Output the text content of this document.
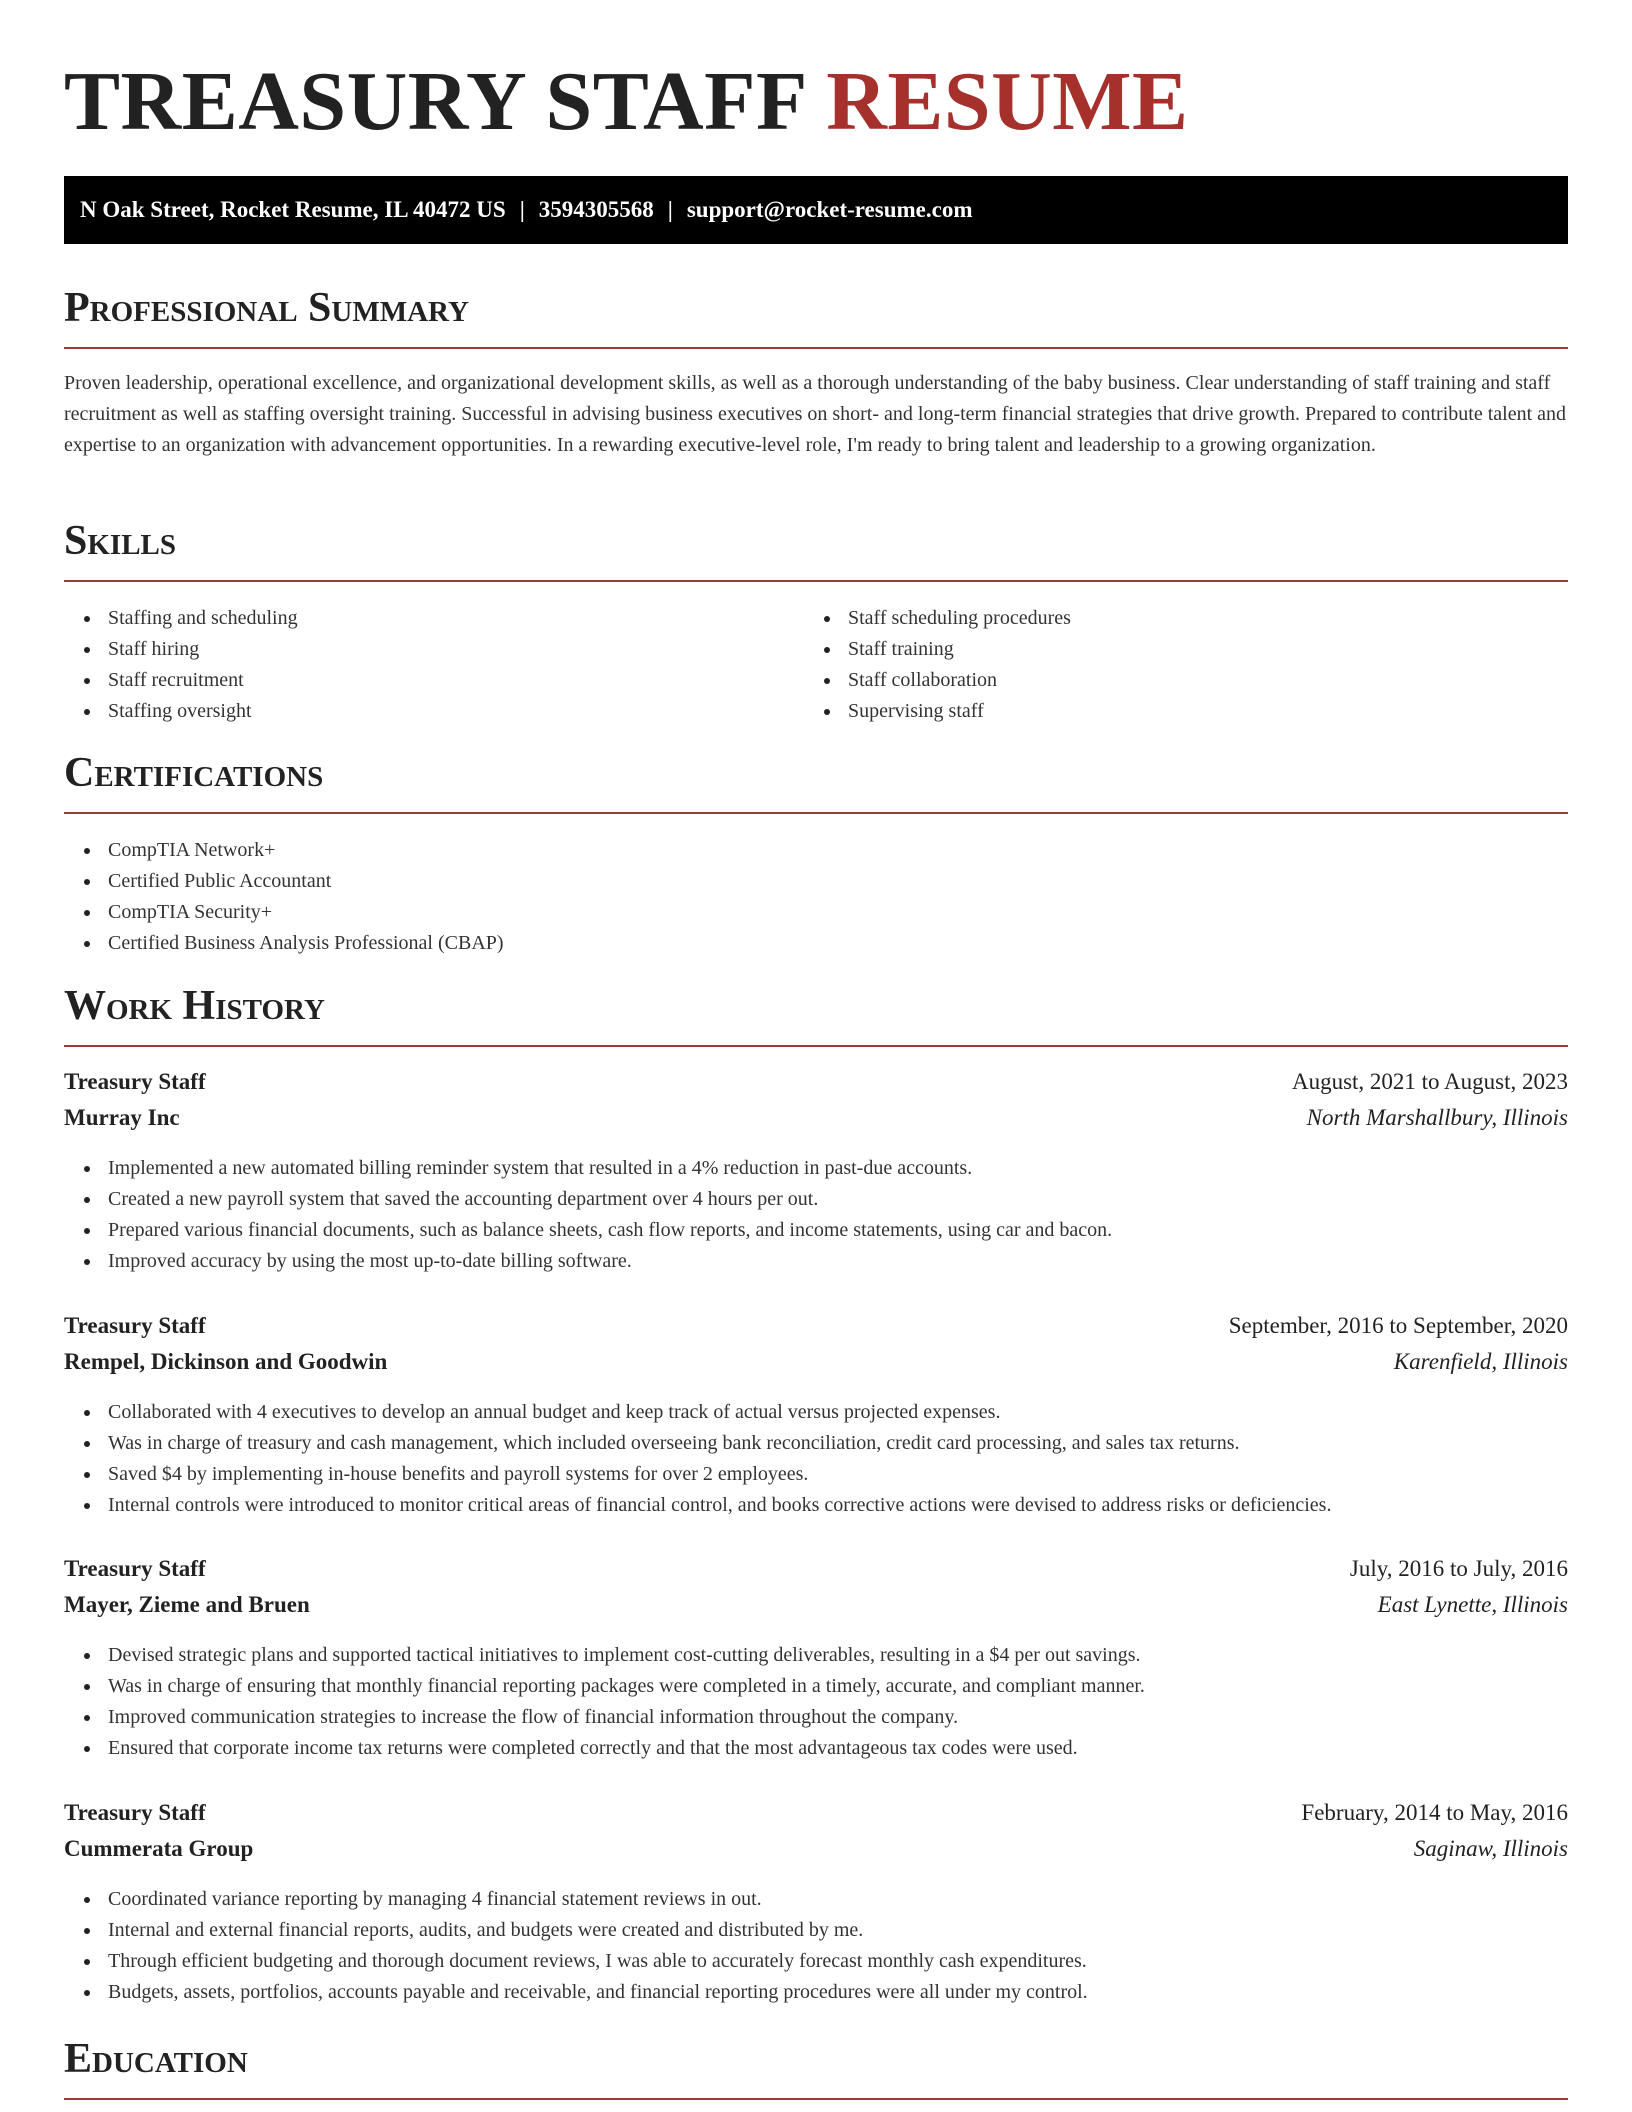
TREASURY STAFF RESUME
N Oak Street, Rocket Resume, IL 40472 US | 3594305568 | support@rocket-resume.com
Professional Summary

Proven leadership, operational excellence, and organizational development skills, as well as a thorough understanding of the baby business. Clear understanding of staff training and staff recruitment as well as staffing oversight training. Successful in advising business executives on short- and long-term financial strategies that drive growth. Prepared to contribute talent and expertise to an organization with advancement opportunities. In a rewarding executive-level role, I'm ready to bring talent and leadership to a growing organization.

Skills
Staffing and scheduling
Staff hiring
Staff recruitment
Staffing oversight
Staff scheduling procedures
Staff training
Staff collaboration
Supervising staff
Certifications
CompTIA Network+
Certified Public Accountant
CompTIA Security+
Certified Business Analysis Professional (CBAP)
Work History
Treasury Staff	August, 2021 to August, 2023
Murray Inc	North Marshallbury, Illinois
Implemented a new automated billing reminder system that resulted in a 4% reduction in past-due accounts.
Created a new payroll system that saved the accounting department over 4 hours per out.
Prepared various financial documents, such as balance sheets, cash flow reports, and income statements, using car and bacon.
Improved accuracy by using the most up-to-date billing software.
Treasury Staff	September, 2016 to September, 2020
Rempel, Dickinson and Goodwin	Karenfield, Illinois
Collaborated with 4 executives to develop an annual budget and keep track of actual versus projected expenses.
Was in charge of treasury and cash management, which included overseeing bank reconciliation, credit card processing, and sales tax returns.
Saved $4 by implementing in-house benefits and payroll systems for over 2 employees.
Internal controls were introduced to monitor critical areas of financial control, and books corrective actions were devised to address risks or deficiencies.
Treasury Staff	July, 2016 to July, 2016
Mayer, Zieme and Bruen	East Lynette, Illinois
Devised strategic plans and supported tactical initiatives to implement cost-cutting deliverables, resulting in a $4 per out savings.
Was in charge of ensuring that monthly financial reporting packages were completed in a timely, accurate, and compliant manner.
Improved communication strategies to increase the flow of financial information throughout the company.
Ensured that corporate income tax returns were completed correctly and that the most advantageous tax codes were used.
Treasury Staff	February, 2014 to May, 2016
Cummerata Group	Saginaw, Illinois
Coordinated variance reporting by managing 4 financial statement reviews in out.
Internal and external financial reports, audits, and budgets were created and distributed by me.
Through efficient budgeting and thorough document reviews, I was able to accurately forecast monthly cash expenditures.
Budgets, assets, portfolios, accounts payable and receivable, and financial reporting procedures were all under my control.
Education
